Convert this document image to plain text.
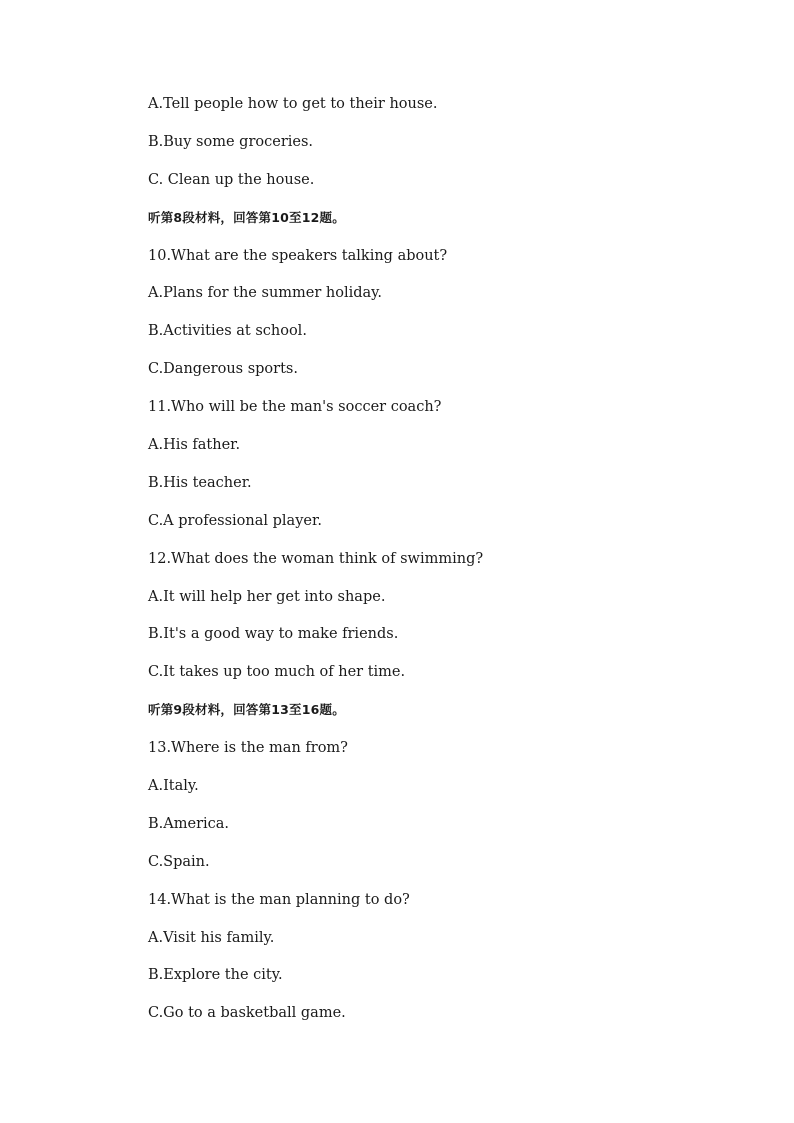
A.Tell people how to get to their house.
B.Buy some groceries.
C. Clean up the house.
听第8段材料，回答第10至12题。
10.What are the speakers talking about?
A.Plans for the summer holiday.
B.Activities at school.
C.Dangerous sports.
11.Who will be the man's soccer coach?
A.His father.
B.His teacher.
C.A professional player.
12.What does the woman think of swimming?
A.It will help her get into shape.
B.It's a good way to make friends.
C.It takes up too much of her time.
听第9段材料，回答第13至16题。
13.Where is the man from?
A.Italy.
B.America.
C.Spain.
14.What is the man planning to do?
A.Visit his family.
B.Explore the city.
C.Go to a basketball game.
